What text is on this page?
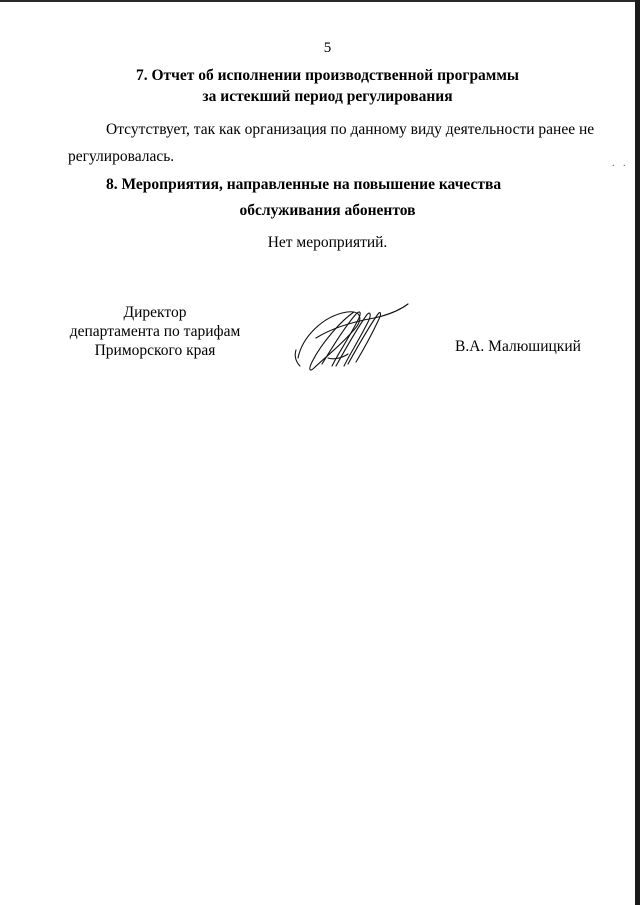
5
7. Отчет об исполнении производственной программы
за истекший период регулирования
Отсутствует, так как организация по данному виду деятельности ранее не
регулировалась.	. .
8. Мероприятия, направленные на повышение качества
обслуживания абонентов
Нет мероприятий.
Директор
департамента по тарифам
Приморского края	В.А. Малюшицкий
